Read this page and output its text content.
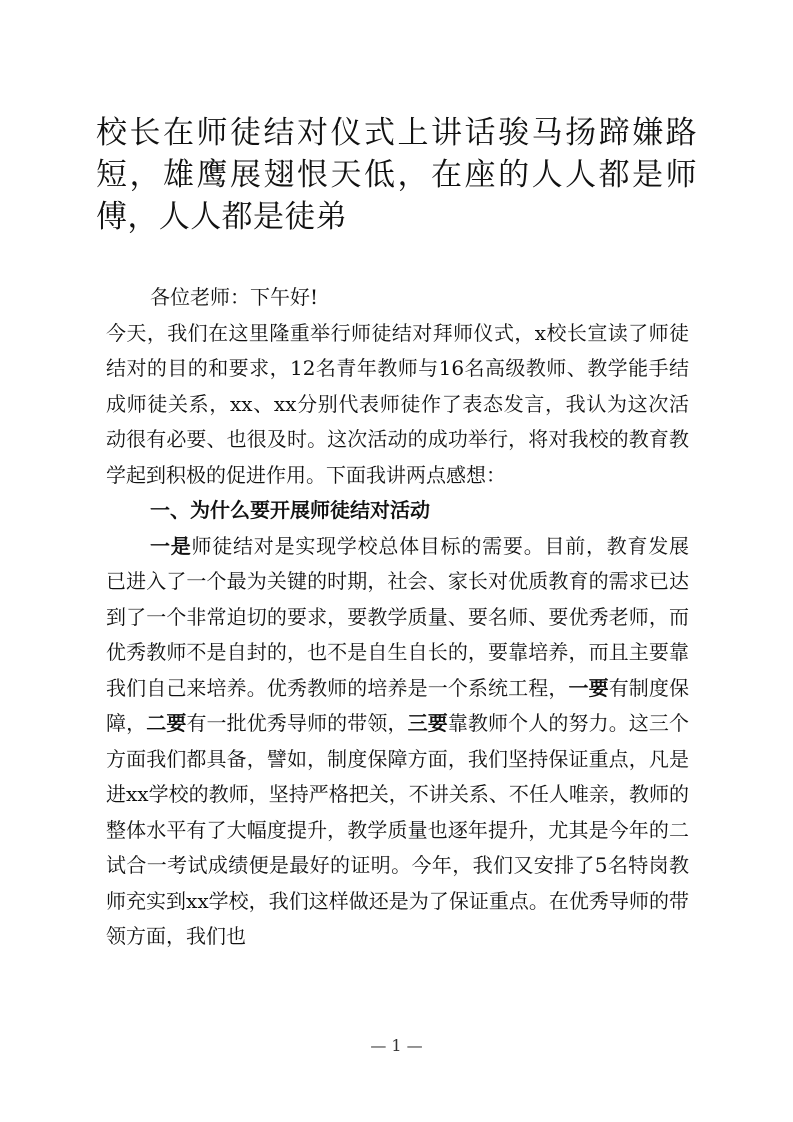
校长在师徒结对仪式上讲话骏马扬蹄嫌路短，雄鹰展翅恨天低，在座的人人都是师傅，人人都是徒弟

各位老师：下午好!

今天，我们在这里隆重举行师徒结对拜师仪式，x校长宣读了师徒结对的目的和要求，12名青年教师与16名高级教师、教学能手结成师徒关系，xx、xx分别代表师徒作了表态发言，我认为这次活动很有必要、也很及时。这次活动的成功举行，将对我校的教育教学起到积极的促进作用。下面我讲两点感想：

一、为什么要开展师徒结对活动

一是师徒结对是实现学校总体目标的需要。目前，教育发展已进入了一个最为关键的时期，社会、家长对优质教育的需求已达到了一个非常迫切的要求，要教学质量、要名师、要优秀老师，而优秀教师不是自封的，也不是自生自长的，要靠培养，而且主要靠我们自己来培养。优秀教师的培养是一个系统工程，一要有制度保障，二要有一批优秀导师的带领，三要靠教师个人的努力。这三个方面我们都具备，譬如，制度保障方面，我们坚持保证重点，凡是进xx学校的教师，坚持严格把关，不讲关系、不任人唯亲，教师的整体水平有了大幅度提升，教学质量也逐年提升，尤其是今年的二试合一考试成绩便是最好的证明。今年，我们又安排了5名特岗教师充实到xx学校，我们这样做还是为了保证重点。在优秀导师的带领方面，我们也

— 1 —
